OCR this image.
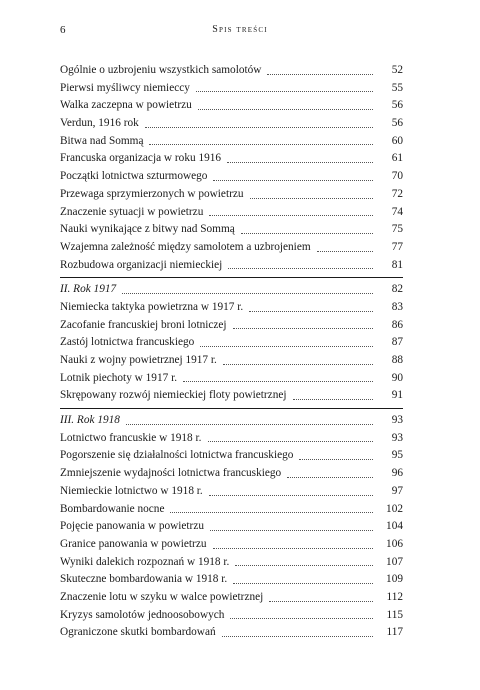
6	Spis treści
Ogólnie o uzbrojeniu wszystkich samolotów	52
Pierwsi myśliwcy niemieccy	55
Walka zaczepna w powietrzu	56
Verdun, 1916 rok	56
Bitwa nad Sommą	60
Francuska organizacja w roku 1916	61
Początki lotnictwa szturmowego	70
Przewaga sprzymierzonych w powietrzu	72
Znaczenie sytuacji w powietrzu	74
Nauki wynikające z bitwy nad Sommą	75
Wzajemna zależność między samolotem a uzbrojeniem	77
Rozbudowa organizacji niemieckiej	81
II. Rok 1917	82
Niemiecka taktyka powietrzna w 1917 r.	83
Zacofanie francuskiej broni lotniczej	86
Zastój lotnictwa francuskiego	87
Nauki z wojny powietrznej 1917 r.	88
Lotnik piechoty w 1917 r.	90
Skrępowany rozwój niemieckiej floty powietrznej	91
III. Rok 1918	93
Lotnictwo francuskie w 1918 r.	93
Pogorszenie się działalności lotnictwa francuskiego	95
Zmniejszenie wydajności lotnictwa francuskiego	96
Niemieckie lotnictwo w 1918 r.	97
Bombardowanie nocne	102
Pojęcie panowania w powietrzu	104
Granice panowania w powietrzu	106
Wyniki dalekich rozpoznań w 1918 r.	107
Skuteczne bombardowania w 1918 r.	109
Znaczenie lotu w szyku w walce powietrznej	112
Kryzys samolotów jednoosobowych	115
Ograniczone skutki bombardowań	117
